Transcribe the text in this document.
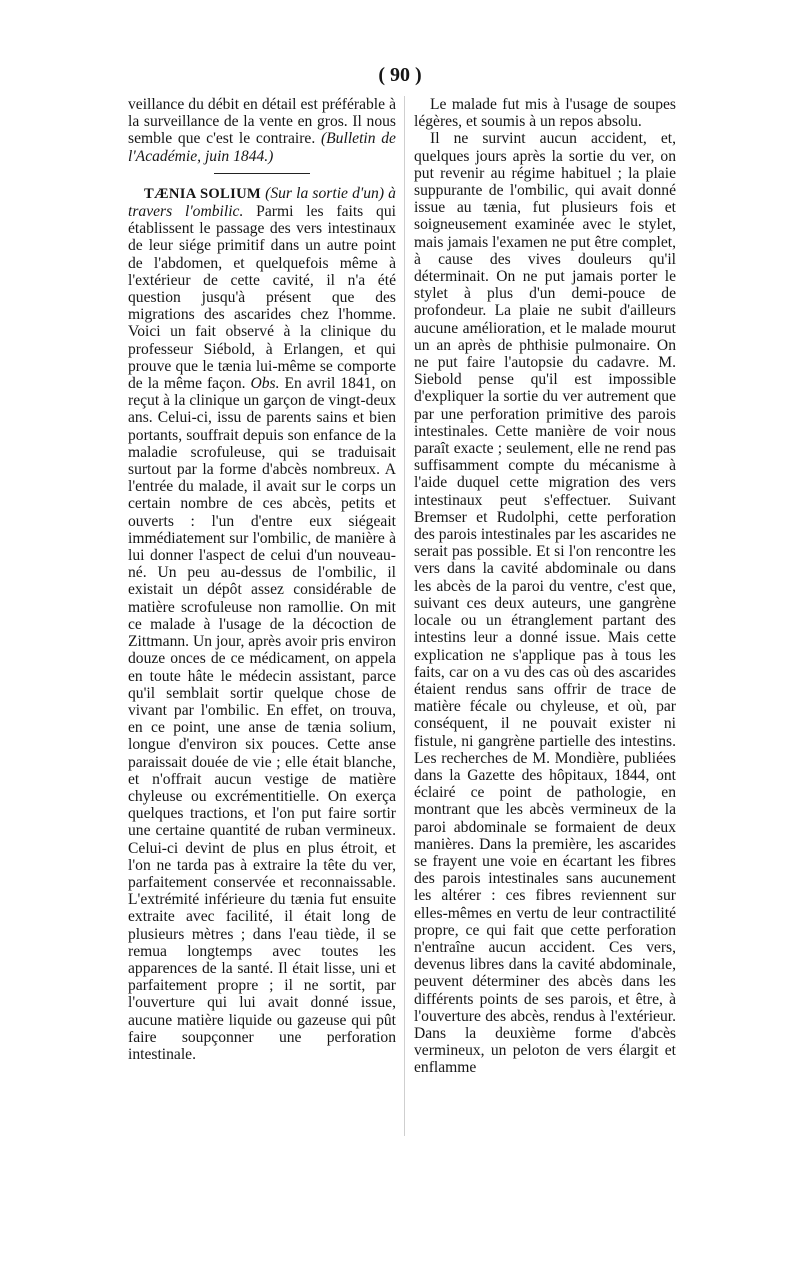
( 90 )

veillance du débit en détail est préférable à la surveillance de la vente en gros. Il nous semble que c'est le contraire. (Bulletin de l'Académie, juin 1844.)

TÆNIA SOLIUM (Sur la sortie d'un) à travers l'ombilic. Parmi les faits qui établissent le passage des vers intestinaux de leur siége primitif dans un autre point de l'abdomen, et quelquefois même à l'extérieur de cette cavité, il n'a été question jusqu'à présent que des migrations des ascarides chez l'homme. Voici un fait observé à la clinique du professeur Siébold, à Erlangen, et qui prouve que le tænia lui-même se comporte de la même façon. Obs. En avril 1841, on reçut à la clinique un garçon de vingt-deux ans. Celui-ci, issu de parents sains et bien portants, souffrait depuis son enfance de la maladie scrofuleuse, qui se traduisait surtout par la forme d'abcès nombreux. A l'entrée du malade, il avait sur le corps un certain nombre de ces abcès, petits et ouverts : l'un d'entre eux siégeait immédiatement sur l'ombilic, de manière à lui donner l'aspect de celui d'un nouveau-né. Un peu au-dessus de l'ombilic, il existait un dépôt assez considérable de matière scrofuleuse non ramollie. On mit ce malade à l'usage de la décoction de Zittmann. Un jour, après avoir pris environ douze onces de ce médicament, on appela en toute hâte le médecin assistant, parce qu'il semblait sortir quelque chose de vivant par l'ombilic. En effet, on trouva, en ce point, une anse de tænia solium, longue d'environ six pouces. Cette anse paraissait douée de vie ; elle était blanche, et n'offrait aucun vestige de matière chyleuse ou excrémentitielle. On exerça quelques tractions, et l'on put faire sortir une certaine quantité de ruban vermineux. Celui-ci devint de plus en plus étroit, et l'on ne tarda pas à extraire la tête du ver, parfaitement conservée et reconnaissable. L'extrémité inférieure du tænia fut ensuite extraite avec facilité, il était long de plusieurs mètres ; dans l'eau tiède, il se remua longtemps avec toutes les apparences de la santé. Il était lisse, uni et parfaitement propre ; il ne sortit, par l'ouverture qui lui avait donné issue, aucune matière liquide ou gazeuse qui pût faire soupçonner une perforation intestinale.

Le malade fut mis à l'usage de soupes légères, et soumis à un repos absolu.

Il ne survint aucun accident, et, quelques jours après la sortie du ver, on put revenir au régime habituel ; la plaie suppurante de l'ombilic, qui avait donné issue au tænia, fut plusieurs fois et soigneusement examinée avec le stylet, mais jamais l'examen ne put être complet, à cause des vives douleurs qu'il déterminait. On ne put jamais porter le stylet à plus d'un demi-pouce de profondeur. La plaie ne subit d'ailleurs aucune amélioration, et le malade mourut un an après de phthisie pulmonaire. On ne put faire l'autopsie du cadavre. M. Siebold pense qu'il est impossible d'expliquer la sortie du ver autrement que par une perforation primitive des parois intestinales. Cette manière de voir nous paraît exacte ; seulement, elle ne rend pas suffisamment compte du mécanisme à l'aide duquel cette migration des vers intestinaux peut s'effectuer. Suivant Bremser et Rudolphi, cette perforation des parois intestinales par les ascarides ne serait pas possible. Et si l'on rencontre les vers dans la cavité abdominale ou dans les abcès de la paroi du ventre, c'est que, suivant ces deux auteurs, une gangrène locale ou un étranglement partant des intestins leur a donné issue. Mais cette explication ne s'applique pas à tous les faits, car on a vu des cas où des ascarides étaient rendus sans offrir de trace de matière fécale ou chyleuse, et où, par conséquent, il ne pouvait exister ni fistule, ni gangrène partielle des intestins. Les recherches de M. Mondière, publiées dans la Gazette des hôpitaux, 1844, ont éclairé ce point de pathologie, en montrant que les abcès vermineux de la paroi abdominale se formaient de deux manières. Dans la première, les ascarides se frayent une voie en écartant les fibres des parois intestinales sans aucunement les altérer : ces fibres reviennent sur elles-mêmes en vertu de leur contractilité propre, ce qui fait que cette perforation n'entraîne aucun accident. Ces vers, devenus libres dans la cavité abdominale, peuvent déterminer des abcès dans les différents points de ses parois, et être, à l'ouverture des abcès, rendus à l'extérieur. Dans la deuxième forme d'abcès vermineux, un peloton de vers élargit et enflamme
